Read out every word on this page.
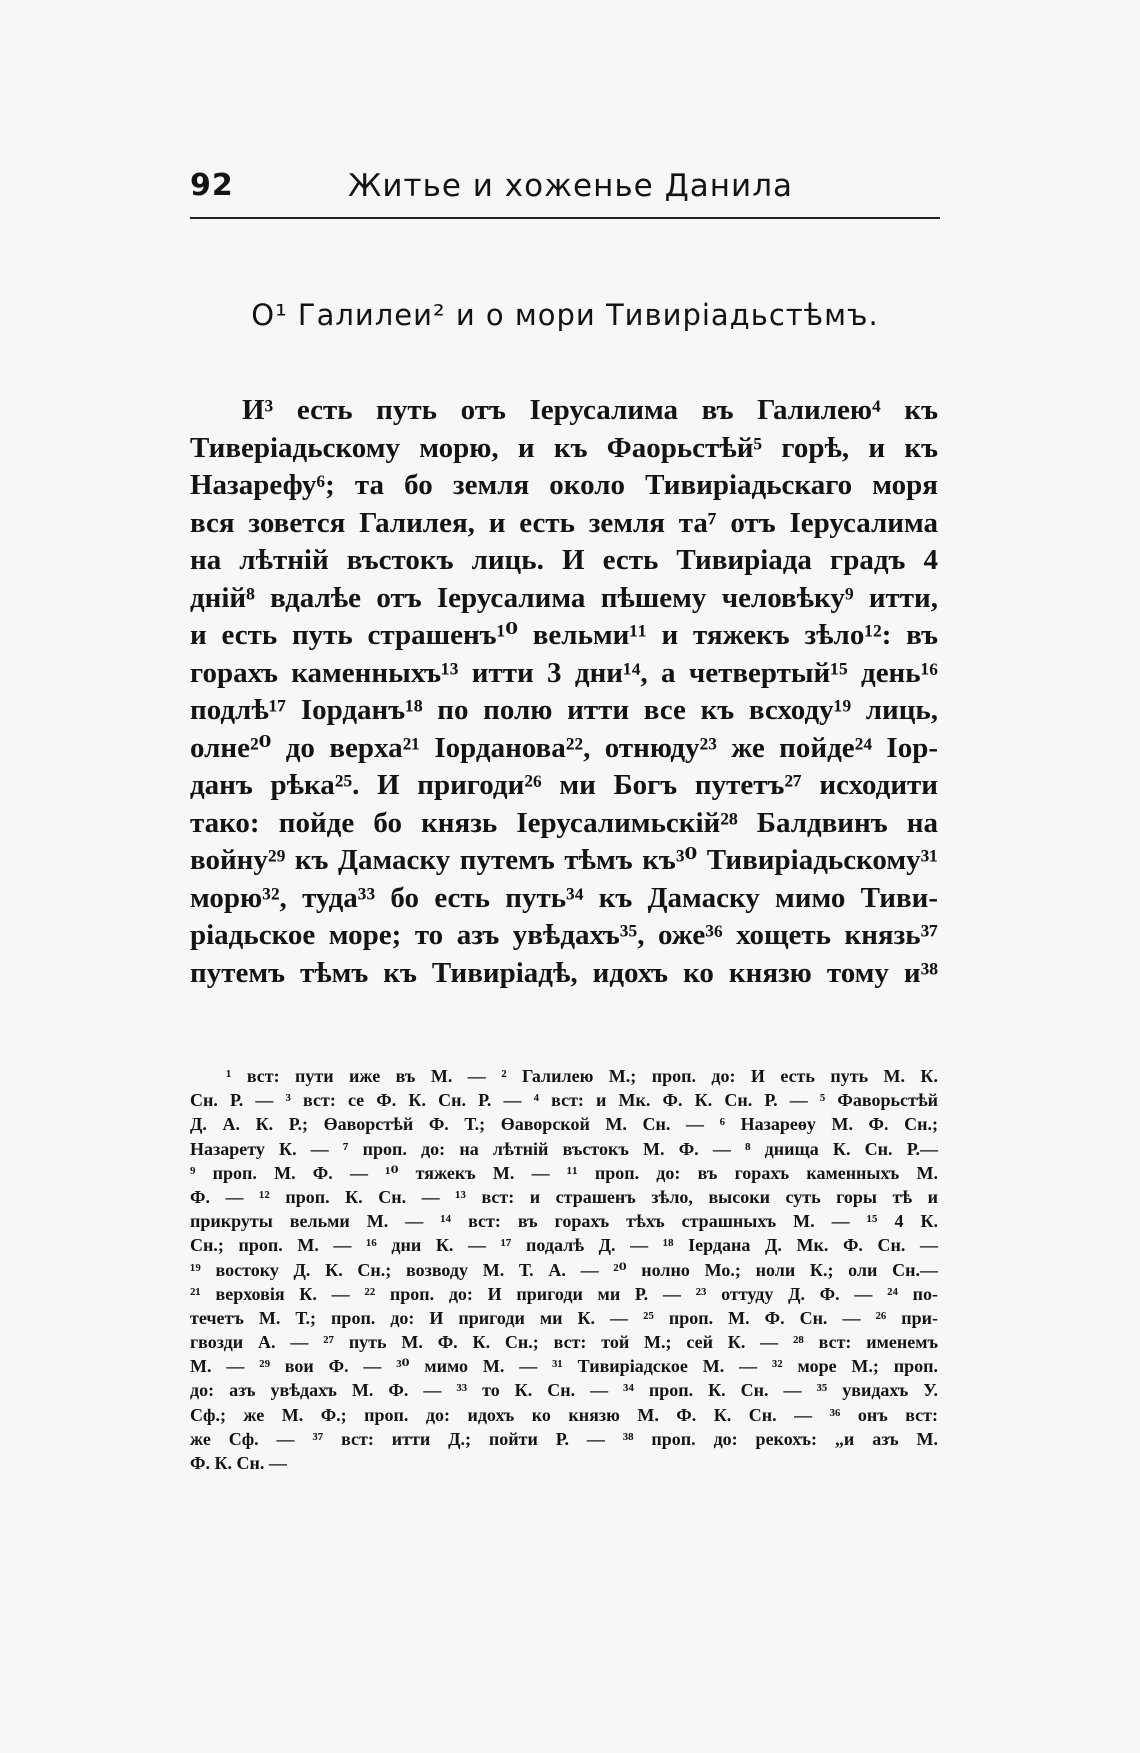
92	Житье и хоженье Данила
О¹ Галилеи² и о мори Тивиріадьстѣмъ.
И³ есть путь отъ Іерусалима въ Галилею⁴ къ
Тиверіадьскому морю, и къ Фаорьстѣй⁵ горѣ, и къ
Назарефу⁶; та бо земля около Тивиріадьскаго моря
вся зовется Галилея, и есть земля та⁷ отъ Іерусалима
на лѣтній въстокъ лиць. И есть Тивиріада градъ 4
дній⁸ вдалѣе отъ Іерусалима пѣшему человѣку⁹ итти,
и есть путь страшенъ¹⁰ вельми¹¹ и тяжекъ зѣло¹²: въ
горахъ каменныхъ¹³ итти 3 дни¹⁴, а четвертый¹⁵ день¹⁶
подлѣ¹⁷ Іорданъ¹⁸ по полю итти все къ всходу¹⁹ лиць,
олне²⁰ до верха²¹ Іорданова²², отнюду²³ же пойде²⁴ Іор-
данъ рѣка²⁵. И пригоди²⁶ ми Богъ путетъ²⁷ исходити
тако: пойде бо князь Іерусалимьскій²⁸ Балдвинъ на
войну²⁹ къ Дамаску путемъ тѣмъ къ³⁰ Тивиріадьскому³¹
морю³², туда³³ бо есть путь³⁴ къ Дамаску мимо Тиви-
ріадьское море; то азъ увѣдахъ³⁵, оже³⁶ хощеть князь³⁷
путемъ тѣмъ къ Тивиріадѣ, идохъ ко князю тому и³⁸
¹ вст: пути иже въ М. — ² Галилею М.; проп. до: И есть путь М. К.
Сн. Р. — ³ вст: се Ф. К. Сн. Р. — ⁴ вст: и Мк. Ф. К. Сн. Р. — ⁵ Фаворьстѣй
Д. А. К. Р.; Өаворстѣй Ф. Т.; Өаворской М. Сн. — ⁶ Назареөу М. Ф. Сн.;
Назарету К. — ⁷ проп. до: на лѣтній въстокъ М. Ф. — ⁸ днища К. Сн. Р.—
⁹ проп. М. Ф. — ¹⁰ тяжекъ М. — ¹¹ проп. до: въ горахъ каменныхъ М.
Ф. — ¹² проп. К. Сн. — ¹³ вст: и страшенъ зѣло, высоки суть горы тѣ и
прикруты вельми М. — ¹⁴ вст: въ горахъ тѣхъ страшныхъ М. — ¹⁵ 4 К.
Сн.; проп. М. — ¹⁶ дни К. — ¹⁷ подалѣ Д. — ¹⁸ Іердана Д. Мк. Ф. Сн. —
¹⁹ востоку Д. К. Сн.; возводу М. Т. А. — ²⁰ нолно Мо.; ноли К.; оли Сн.—
²¹ верховія К. — ²² проп. до: И пригоди ми Р. — ²³ оттуду Д. Ф. — ²⁴ по-
течетъ М. Т.; проп. до: И пригоди ми К. — ²⁵ проп. М. Ф. Сн. — ²⁶ при-
гвозди А. — ²⁷ путь М. Ф. К. Сн.; вст: той М.; сей К. — ²⁸ вст: именемъ
М. — ²⁹ вои Ф. — ³⁰ мимо М. — ³¹ Тивиріадское М. — ³² море М.; проп.
до: азъ увѣдахъ М. Ф. — ³³ то К. Сн. — ³⁴ проп. К. Сн. — ³⁵ увидахъ У.
Сф.; же М. Ф.; проп. до: идохъ ко князю М. Ф. К. Сн. — ³⁶ онъ вст:
же Сф. — ³⁷ вст: итти Д.; пойти Р. — ³⁸ проп. до: рекохъ: „и азъ М.
Ф. К. Сн. —
